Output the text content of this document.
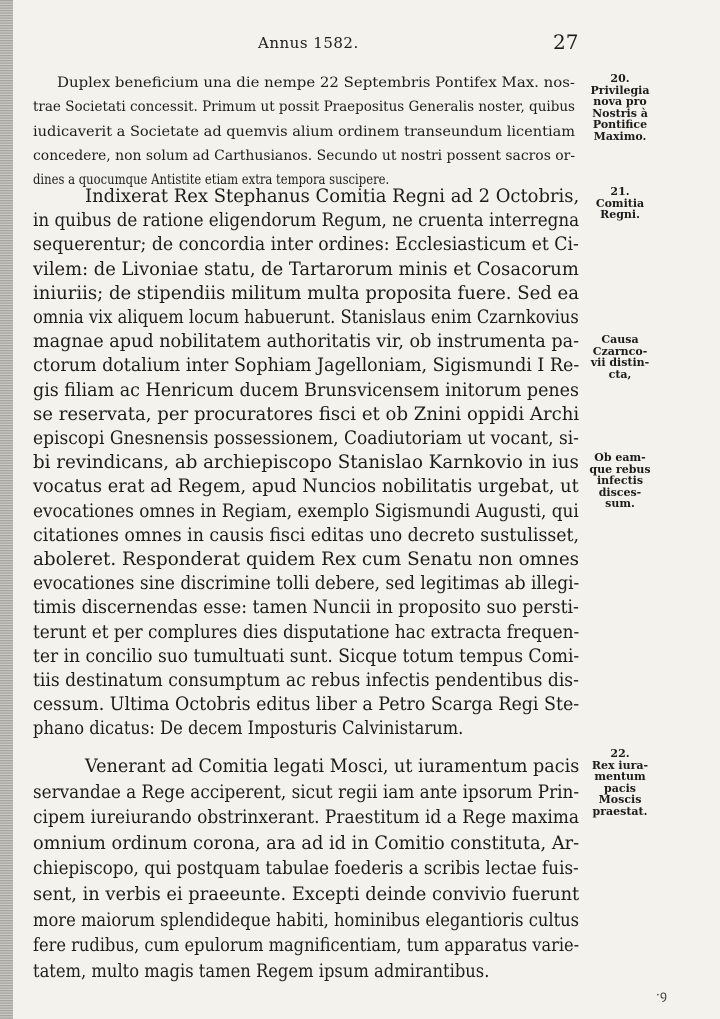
Annus 1582.	27
Duplex beneficium una die nempe 22 Septembris Pontifex Max. nos-
trae Societati concessit. Primum ut possit Praepositus Generalis noster, quibus
iudicaverit a Societate ad quemvis alium ordinem transeundum licentiam
concedere, non solum ad Carthusianos. Secundo ut nostri possent sacros or-
dines a quocumque Antistite etiam extra tempora suscipere.
Indixerat Rex Stephanus Comitia Regni ad 2 Octobris,
in quibus de ratione eligendorum Regum, ne cruenta interregna
sequerentur; de concordia inter ordines: Ecclesiasticum et Ci-
vilem: de Livoniae statu, de Tartarorum minis et Cosacorum
iniuriis; de stipendiis militum multa proposita fuere. Sed ea
omnia vix aliquem locum habuerunt. Stanislaus enim Czarnkovius
magnae apud nobilitatem authoritatis vir, ob instrumenta pa-
ctorum dotalium inter Sophiam Jagelloniam, Sigismundi I Re-
gis filiam ac Henricum ducem Brunsvicensem initorum penes
se reservata, per procuratores fisci et ob Znini oppidi Archi
episcopi Gnesnensis possessionem, Coadiutoriam ut vocant, si-
bi revindicans, ab archiepiscopo Stanislao Karnkovio in ius
vocatus erat ad Regem, apud Nuncios nobilitatis urgebat, ut
evocationes omnes in Regiam, exemplo Sigismundi Augusti, qui
citationes omnes in causis fisci editas uno decreto sustulisset,
aboleret. Responderat quidem Rex cum Senatu non omnes
evocationes sine discrimine tolli debere, sed legitimas ab illegi-
timis discernendas esse: tamen Nuncii in proposito suo persti-
terunt et per complures dies disputatione hac extracta frequen-
ter in concilio suo tumultuati sunt. Sicque totum tempus Comi-
tiis destinatum consumptum ac rebus infectis pendentibus dis-
cessum. Ultima Octobris editus liber a Petro Scarga Regi Ste-
phano dicatus: De decem Imposturis Calvinistarum.
Venerant ad Comitia legati Mosci, ut iuramentum pacis
servandae a Rege acciperent, sicut regii iam ante ipsorum Prin-
cipem iureiurando obstrinxerant. Praestitum id a Rege maxima
omnium ordinum corona, ara ad id in Comitio constituta, Ar-
chiepiscopo, qui postquam tabulae foederis a scribis lectae fuis-
sent, in verbis ei praeeunte. Excepti deinde convivio fuerunt
more maiorum splendideque habiti, hominibus elegantioris cultus
fere rudibus, cum epulorum magnificentiam, tum apparatus varie-
tatem, multo magis tamen Regem ipsum admirantibus.
20.
Privilegia
nova pro
Nostris à
Pontifice
Maximo.
21.
Comitia
Regni.
Causa
Czarnco-
vii distin-
cta,
Ob eam-
que rebus
infectis
disces-
sum.
22.
Rex iura-
mentum
pacis
Moscis
praestat.
·ꝯ
